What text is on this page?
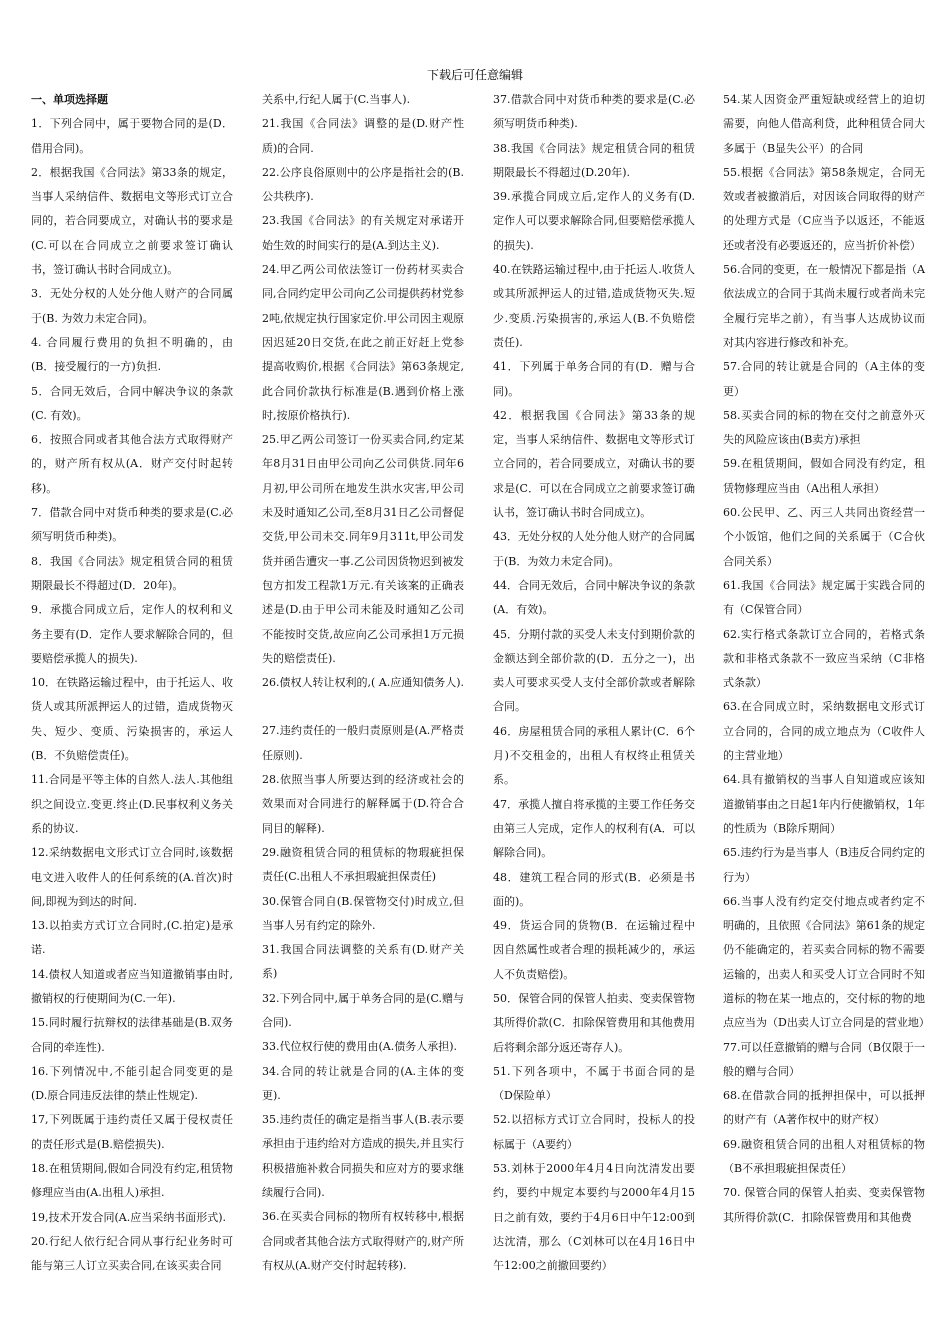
下载后可任意编辑

一、单项选择题

1．下列合同中，属于要物合同的是(D．借用合同)。

2．根据我国《合同法》第33条的规定，当事人采纳信件、数据电文等形式订立合同的，若合同要成立，对确认书的要求是(C.可以在合同成立之前要求签订确认书，签订确认书时合同成立)。

3．无处分权的人处分他人财产的合同属于(B. 为效力未定合同)。

4. 合同履行费用的负担不明确的，由(B．接受履行的一方)负担.

5．合同无效后，合同中解决争议的条款(C. 有效)。

6．按照合同或者其他合法方式取得财产的，财产所有权从(A．财产交付时起转移)。

7．借款合同中对货币种类的要求是(C.必须写明货币种类)。

8．我国《合同法》规定租赁合同的租赁期限最长不得超过(D．20年)。

9．承揽合同成立后，定作人的权利和义务主要有(D．定作人要求解除合同的，但要赔偿承揽人的损失).

10．在铁路运输过程中，由于托运人、收货人或其所派押运人的过错，造成货物灭失、短少、变质、污染损害的，承运人(B．不负赔偿责任)。

11.合同是平等主体的自然人.法人.其他组织之间设立.变更.终止(D.民事权利义务关系的协议.

12.采纳数据电文形式订立合同时,该数据电文进入收件人的任何系统的(A.首次)时间,即视为到达的时间.

13.以拍卖方式订立合同时,(C.拍定)是承诺.

14.债权人知道或者应当知道撤销事由时,撤销权的行使期间为(C.一年).

15.同时履行抗辩权的法律基础是(B.双务合同的牵连性).

16.下列情况中,不能引起合同变更的是(D.原合同违反法律的禁止性规定).

17,下列既属于违约责任又属于侵权责任的责任形式是(B.赔偿损失).

18.在租赁期间,假如合同没有约定,租赁物修理应当由(A.出租人)承担.

19,技术开发合同(A.应当采纳书面形式).

20.行纪人依行纪合同从事行纪业务时可能与第三人订立买卖合同,在该买卖合同

关系中,行纪人属于(C.当事人).

21.我国《合同法》调整的是(D.财产性质)的合同.

22.公序良俗原则中的公序是指社会的(B.公共秩序).

23.我国《合同法》的有关规定对承诺开始生效的时间实行的是(A.到达主义).

24.甲乙两公司依法签订一份药材买卖合同,合同约定甲公司向乙公司提供药材党参2吨,依规定执行国家定价.甲公司因主观原因迟延20日交货,在此之前正好赶上党参提高收购价,根据《合同法》第63条规定,此合同价款执行标准是(B.遇到价格上涨时,按原价格执行).

25.甲乙两公司签订一份买卖合同,约定某年8月31日由甲公司向乙公司供货.同年6月初,甲公司所在地发生洪水灾害,甲公司未及时通知乙公司,至8月31日乙公司督促交货,甲公司未交.同年9月311t,甲公司发货并函告遭灾一事.乙公司因货物迟到被发包方扣发工程款1万元.有关该案的正确表述是(D.由于甲公司未能及时通知乙公司不能按时交货,故应向乙公司承担1万元损失的赔偿责任).

26.债权人转让权利的,( A.应通知债务人).

27.违约责任的一般归责原则是(A.严格责任原则).

28.依照当事人所要达到的经济或社会的效果而对合同进行的解释属于(D.符合合同目的解释).

29.融资租赁合同的租赁标的物瑕疵担保责任(C.出租人不承担瑕疵担保责任)

30.保管合同自(B.保管物交付)时成立,但当事人另有约定的除外.

31.我国合同法调整的关系有(D.财产关系)

32.下列合同中,属于单务合同的是(C.赠与合同).

33.代位权行使的费用由(A.债务人承担).

34.合同的转让就是合同的(A.主体的变更).

35.违约责任的确定是指当事人(B.表示要承担由于违约给对方造成的损失,并且实行积极措施补救合同损失和应对方的要求继续履行合同).

36.在买卖合同标的物所有权转移中,根据合同或者其他合法方式取得财产的,财产所有权从(A.财产交付时起转移).

37.借款合同中对货币种类的要求是(C.必须写明货币种类).

38.我国《合同法》规定租赁合同的租赁期限最长不得超过(D.20年).

39.承揽合同成立后,定作人的义务有(D.定作人可以要求解除合同,但要赔偿承揽人的损失).

40.在铁路运输过程中,由于托运人.收货人或其所派押运人的过错,造成货物灭失.短少.变质.污染损害的,承运人(B.不负赔偿责任).

41．下列属于单务合同的有(D．赠与合同)。

42．根据我国《合同法》第33条的规定，当事人采纳信件、数据电文等形式订立合同的，若合同要成立，对确认书的要求是(C．可以在合同成立之前要求签订确认书，签订确认书时合同成立)。

43．无处分权的人处分他人财产的合同属于(B．为效力未定合同)。

44．合同无效后，合同中解决争议的条款(A．有效)。

45．分期付款的买受人未支付到期价款的金额达到全部价款的(D．五分之一)，出卖人可要求买受人支付全部价款或者解除合同。

46．房屋租赁合同的承租人累计(C．6个月)不交租金的，出租人有权终止租赁关系。

47．承揽人擅自将承揽的主要工作任务交由第三人完成，定作人的权利有(A．可以解除合同)。

48．建筑工程合同的形式(B．必须是书面的)。

49．货运合同的货物(B．在运输过程中因自然属性或者合理的损耗减少的，承运人不负责赔偿)。

50．保管合同的保管人拍卖、变卖保管物其所得价款(C．扣除保管费用和其他费用后将剩余部分返还寄存人)。

51.下列各项中，不属于书面合同的是（D保险单）

52.以招标方式订立合同时，投标人的投标属于（A要约）

53.刘林于2000年4月4日向沈清发出要约，要约中规定本要约与2000年4月15日之前有效，要约于4月6日中午12:00到达沈清，那么（C刘林可以在4月16日中午12:00之前撤回要约）

54.某人因资金严重短缺或经营上的迫切需要，向他人借高利贷，此种租赁合同大多属于（B显失公平）的合同

55.根据《合同法》第58条规定，合同无效或者被撤消后，对因该合同取得的财产的处理方式是（C应当予以返还，不能返还或者没有必要返还的，应当折价补偿）

56.合同的变更，在一般情况下都是指（A依法成立的合同于其尚未履行或者尚未完全履行完毕之前），有当事人达成协议而对其内容进行修改和补充。

57.合同的转让就是合同的（A主体的变更）

58.买卖合同的标的物在交付之前意外灭失的风险应该由(B卖方)承担

59.在租赁期间，假如合同没有约定，租赁物修理应当由（A出租人承担）

60.公民甲、乙、丙三人共同出资经营一个小饭馆，他们之间的关系属于（C合伙合同关系）

61.我国《合同法》规定属于实践合同的有（C保管合同）

62.实行格式条款订立合同的，若格式条款和非格式条款不一致应当采纳（C非格式条款）

63.在合同成立时，采纳数据电文形式订立合同的，合同的成立地点为（C收件人的主营业地）

64.具有撤销权的当事人自知道或应该知道撤销事由之日起1年内行使撤销权，1年的性质为（B除斥期间）

65.违约行为是当事人（B违反合同约定的行为）

66.当事人没有约定交付地点或者约定不明确的，且依照《合同法》第61条的规定仍不能确定的，若买卖合同标的物不需要运输的，出卖人和买受人订立合同时不知道标的物在某一地点的，交付标的物的地点应当为（D出卖人订立合同是的营业地）

77.可以任意撤销的赠与合同（B仅限于一般的赠与合同）

68.在借款合同的抵押担保中，可以抵押的财产有（A著作权中的财产权）

69.融资租赁合同的出租人对租赁标的物（B不承担瑕疵担保责任）

70. 保管合同的保管人拍卖、变卖保管物其所得价款(C．扣除保管费用和其他费
